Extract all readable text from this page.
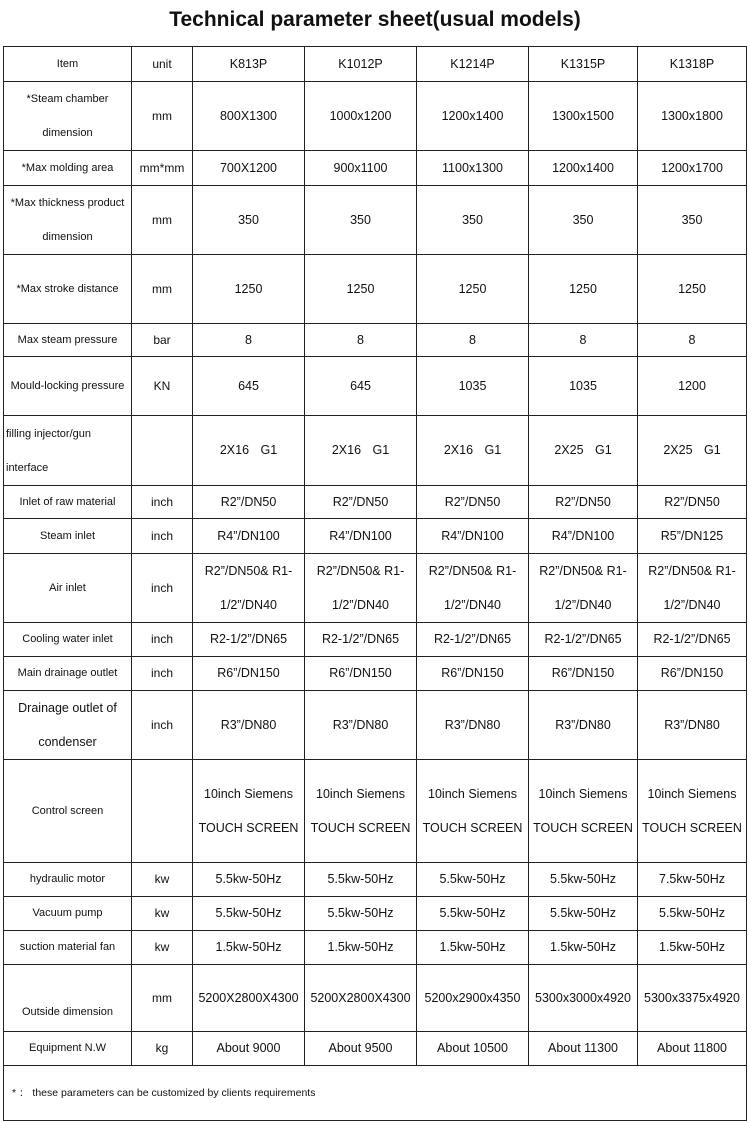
Technical parameter sheet(usual models)
Item	unit	K813P	K1012P	K1214P	K1315P	K1318P
*Steam chamber dimension	mm	800X1300	1000x1200	1200x1400	1300x1500	1300x1800
*Max molding area	mm*mm	700X1200	900x1100	1100x1300	1200x1400	1200x1700
*Max thickness product dimension	mm	350	350	350	350	350
*Max stroke distance	mm	1250	1250	1250	1250	1250
Max steam pressure	bar	8	8	8	8	8
Mould-locking pressure	KN	645	645	1035	1035	1200
filling injector/gun interface		2X16 G1	2X16 G1	2X16 G1	2X25 G1	2X25 G1
Inlet of raw material	inch	R2”/DN50	R2”/DN50	R2”/DN50	R2”/DN50	R2”/DN50
Steam inlet	inch	R4”/DN100	R4”/DN100	R4”/DN100	R4”/DN100	R5”/DN125
Air inlet	inch	R2”/DN50& R1-1/2”/DN40	R2”/DN50& R1-1/2”/DN40	R2”/DN50& R1-1/2”/DN40	R2”/DN50& R1-1/2”/DN40	R2”/DN50& R1-1/2”/DN40
Cooling water inlet	inch	R2-1/2”/DN65	R2-1/2”/DN65	R2-1/2”/DN65	R2-1/2”/DN65	R2-1/2”/DN65
Main drainage outlet	inch	R6”/DN150	R6”/DN150	R6”/DN150	R6”/DN150	R6”/DN150
Drainage outlet of condenser	inch	R3”/DN80	R3”/DN80	R3”/DN80	R3”/DN80	R3”/DN80
Control screen		10inch Siemens TOUCH SCREEN	10inch Siemens TOUCH SCREEN	10inch Siemens TOUCH SCREEN	10inch Siemens TOUCH SCREEN	10inch Siemens TOUCH SCREEN
hydraulic motor	kw	5.5kw-50Hz	5.5kw-50Hz	5.5kw-50Hz	5.5kw-50Hz	7.5kw-50Hz
Vacuum pump	kw	5.5kw-50Hz	5.5kw-50Hz	5.5kw-50Hz	5.5kw-50Hz	5.5kw-50Hz
suction material fan	kw	1.5kw-50Hz	1.5kw-50Hz	1.5kw-50Hz	1.5kw-50Hz	1.5kw-50Hz
Outside dimension	mm	5200X2800X4300	5200X2800X4300	5200x2900x4350	5300x3000x4920	5300x3375x4920
Equipment N.W	kg	About 9000	About 9500	About 10500	About 11300	About 11800
* ： these parameters can be customized by clients requirements						
